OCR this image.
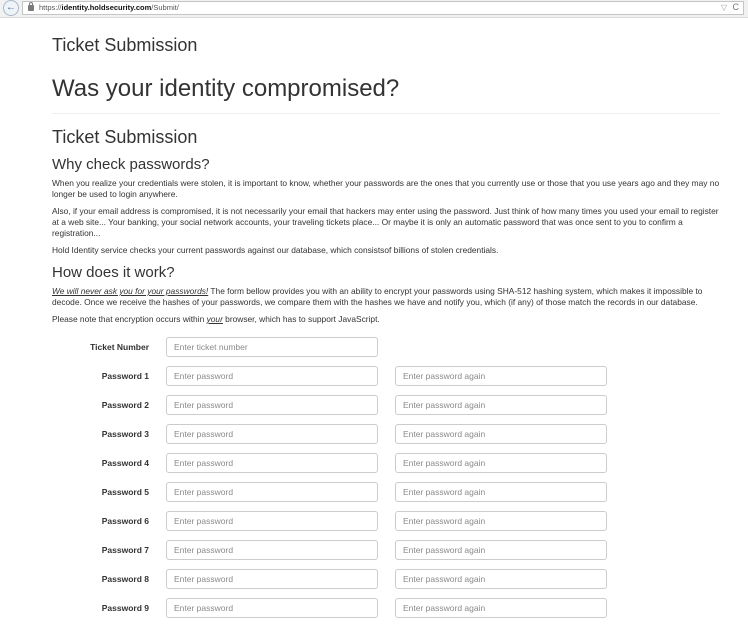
←	https://identity.holdsecurity.com/Submit/	▽ C
Ticket Submission
Was your identity compromised?
Ticket Submission
Why check passwords?

When you realize your credentials were stolen, it is important to know, whether your passwords are the ones that you currently use or those that you use years ago and they may no longer be used to login anywhere.

Also, if your email address is compromised, it is not necessarily your email that hackers may enter using the password. Just think of how many times you used your email to register at a web site... Your banking, your social network accounts, your traveling tickets place... Or maybe it is only an automatic password that was once sent to you to confirm a registration...

Hold Identity service checks your current passwords against our database, which consistsof billions of stolen credentials.

How does it work?

We will never ask you for your passwords! The form bellow provides you with an ability to encrypt your passwords using SHA-512 hashing system, which makes it impossible to decode. Once we receive the hashes of your passwords, we compare them with the hashes we have and notify you, which (if any) of those match the records in our database.

Please note that encryption occurs within your browser, which has to support JavaScript.

Ticket Number
Enter ticket number
Password 1
Password 2
Password 3
Password 4
Password 5
Password 6
Password 7
Password 8
Password 9
